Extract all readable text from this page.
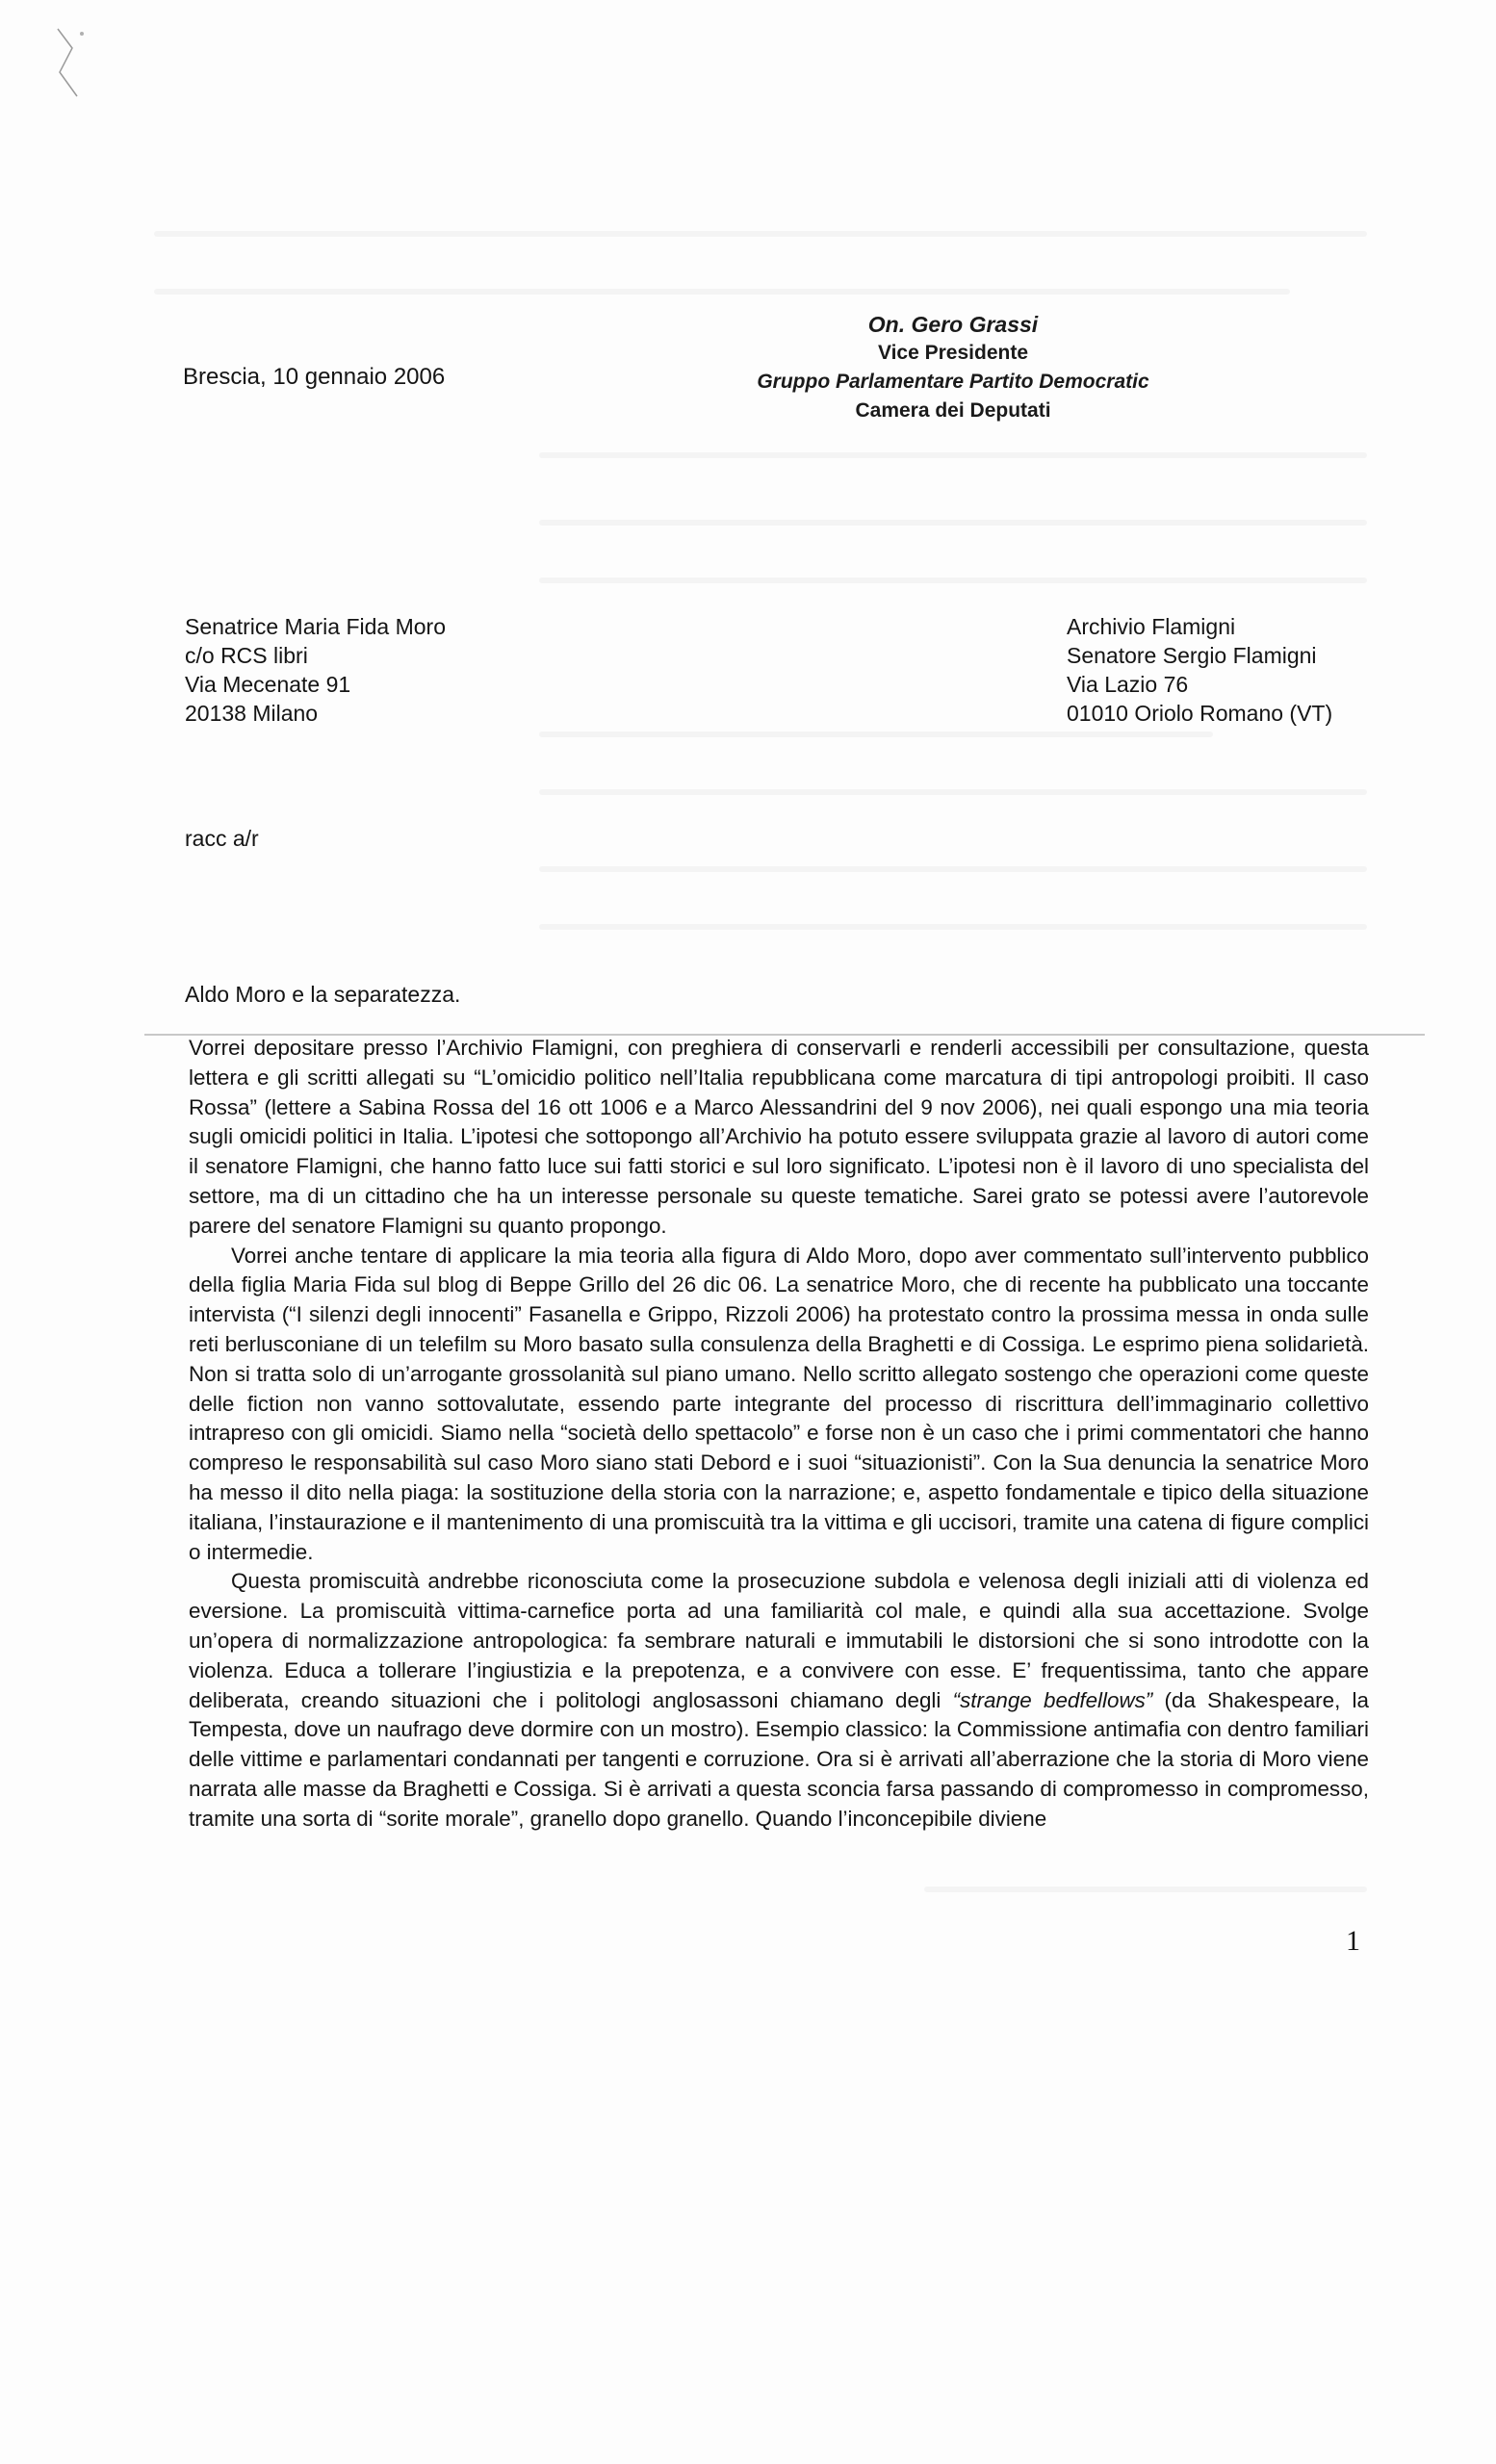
On. Gero Grassi
Vice Presidente
Gruppo Parlamentare Partito Democratic
Camera dei Deputati
Brescia, 10 gennaio 2006
Senatrice Maria Fida Moro
c/o RCS libri
Via Mecenate 91
20138 Milano
Archivio Flamigni
Senatore Sergio Flamigni
Via Lazio 76
01010 Oriolo Romano (VT)
racc a/r
Aldo Moro e la separatezza.

Vorrei depositare presso l’Archivio Flamigni, con preghiera di conservarli e renderli accessibili per consultazione, questa lettera e gli scritti allegati su “L’omicidio politico nell’Italia repubblicana come marcatura di tipi antropologi proibiti. Il caso Rossa” (lettere a Sabina Rossa del 16 ott 1006 e a Marco Alessandrini del 9 nov 2006), nei quali espongo una mia teoria sugli omicidi politici in Italia. L’ipotesi che sottopongo all’Archivio ha potuto essere sviluppata grazie al lavoro di autori come il senatore Flamigni, che hanno fatto luce sui fatti storici e sul loro significato. L’ipotesi non è il lavoro di uno specialista del settore, ma di un cittadino che ha un interesse personale su queste tematiche. Sarei grato se potessi avere l’autorevole parere del senatore Flamigni su quanto propongo.

Vorrei anche tentare di applicare la mia teoria alla figura di Aldo Moro, dopo aver commentato sull’intervento pubblico della figlia Maria Fida sul blog di Beppe Grillo del 26 dic 06. La senatrice Moro, che di recente ha pubblicato una toccante intervista (“I silenzi degli innocenti” Fasanella e Grippo, Rizzoli 2006) ha protestato contro la prossima messa in onda sulle reti berlusconiane di un telefilm su Moro basato sulla consulenza della Braghetti e di Cossiga. Le esprimo piena solidarietà. Non si tratta solo di un’arrogante grossolanità sul piano umano. Nello scritto allegato sostengo che operazioni come queste delle fiction non vanno sottovalutate, essendo parte integrante del processo di riscrittura dell’immaginario collettivo intrapreso con gli omicidi. Siamo nella “società dello spettacolo” e forse non è un caso che i primi commentatori che hanno compreso le responsabilità sul caso Moro siano stati Debord e i suoi “situazionisti”. Con la Sua denuncia la senatrice Moro ha messo il dito nella piaga: la sostituzione della storia con la narrazione; e, aspetto fondamentale e tipico della situazione italiana, l’instaurazione e il mantenimento di una promiscuità tra la vittima e gli uccisori, tramite una catena di figure complici o intermedie.

Questa promiscuità andrebbe riconosciuta come la prosecuzione subdola e velenosa degli iniziali atti di violenza ed eversione. La promiscuità vittima-carnefice porta ad una familiarità col male, e quindi alla sua accettazione. Svolge un’opera di normalizzazione antropologica: fa sembrare naturali e immutabili le distorsioni che si sono introdotte con la violenza. Educa a tollerare l’ingiustizia e la prepotenza, e a convivere con esse. E’ frequentissima, tanto che appare deliberata, creando situazioni che i politologi anglosassoni chiamano degli “strange bedfellows” (da Shakespeare, la Tempesta, dove un naufrago deve dormire con un mostro). Esempio classico: la Commissione antimafia con dentro familiari delle vittime e parlamentari condannati per tangenti e corruzione. Ora si è arrivati all’aberrazione che la storia di Moro viene narrata alle masse da Braghetti e Cossiga. Si è arrivati a questa sconcia farsa passando di compromesso in compromesso, tramite una sorta di “sorite morale”, granello dopo granello. Quando l’inconcepibile diviene

1
